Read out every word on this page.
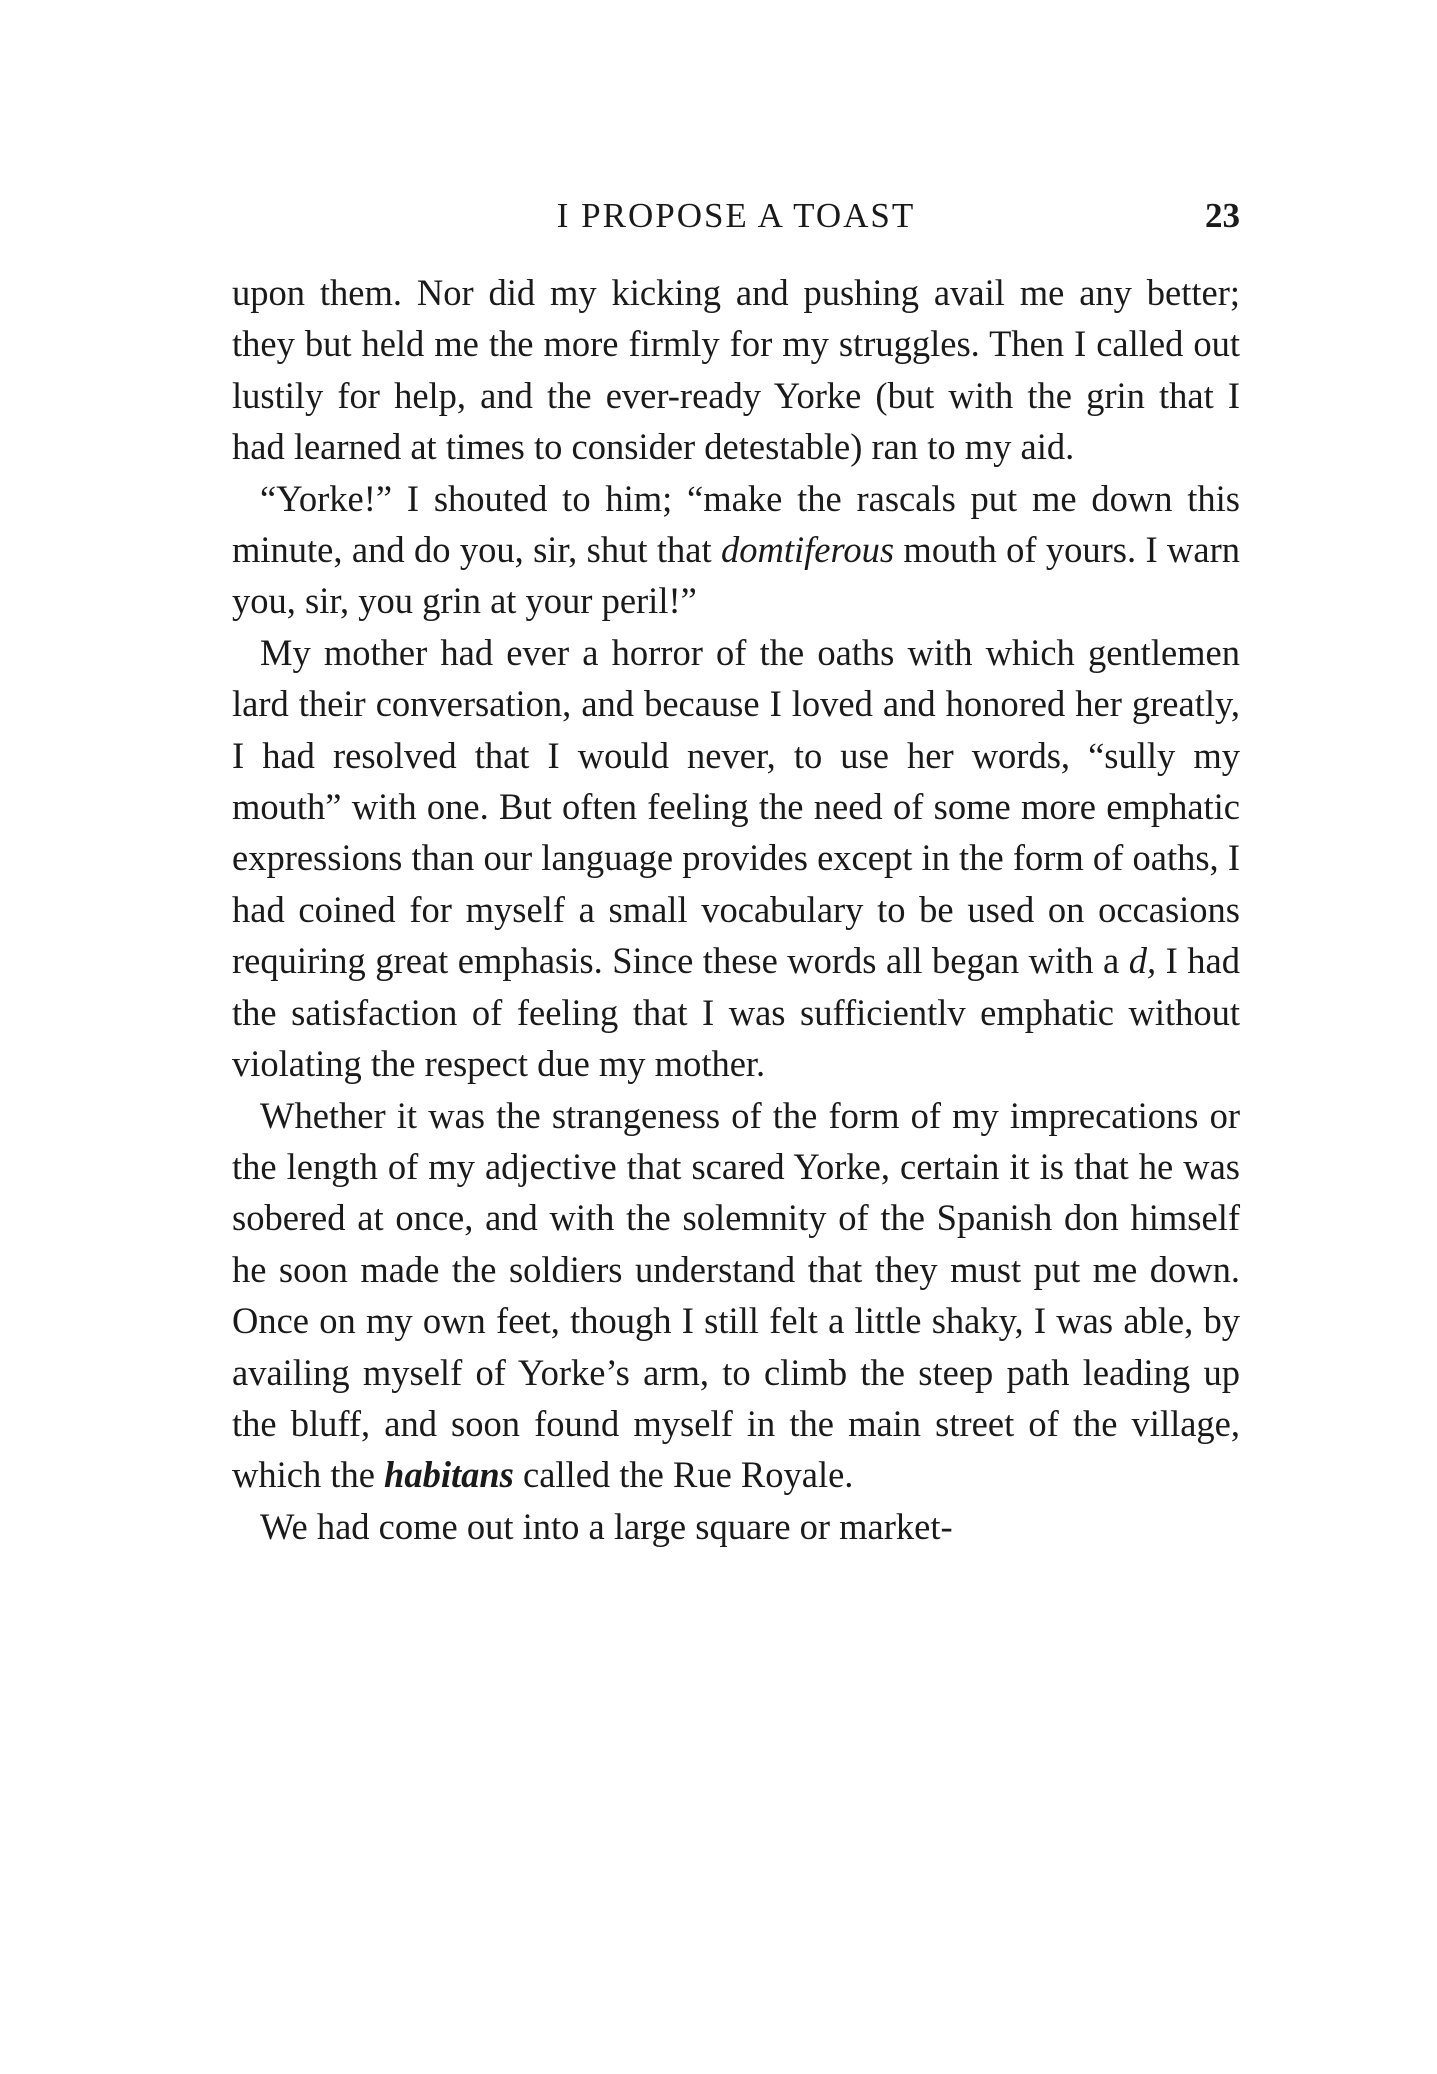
I PROPOSE A TOAST	23

upon them. Nor did my kicking and pushing avail me any better; they but held me the more firmly for my struggles. Then I called out lustily for help, and the ever-ready Yorke (but with the grin that I had learned at times to consider detestable) ran to my aid.

“Yorke!” I shouted to him; “make the rascals put me down this minute, and do you, sir, shut that domtiferous mouth of yours. I warn you, sir, you grin at your peril!”

My mother had ever a horror of the oaths with which gentlemen lard their conversation, and because I loved and honored her greatly, I had resolved that I would never, to use her words, “sully my mouth” with one. But often feeling the need of some more emphatic expressions than our language provides except in the form of oaths, I had coined for myself a small vocabulary to be used on occasions requiring great emphasis. Since these words all began with a d, I had the satisfaction of feeling that I was sufficientlv emphatic without violating the respect due my mother.

Whether it was the strangeness of the form of my imprecations or the length of my adjective that scared Yorke, certain it is that he was sobered at once, and with the solemnity of the Spanish don himself he soon made the soldiers understand that they must put me down. Once on my own feet, though I still felt a little shaky, I was able, by availing myself of Yorke’s arm, to climb the steep path leading up the bluff, and soon found myself in the main street of the village, which the habitans called the Rue Royale.

We had come out into a large square or market-
